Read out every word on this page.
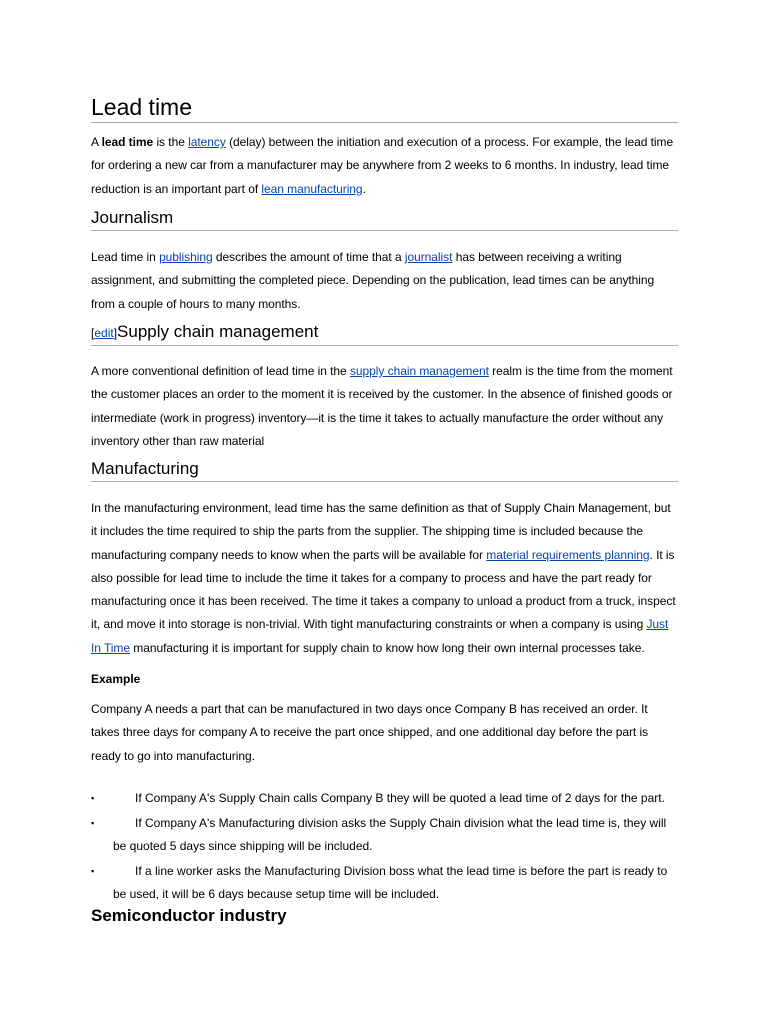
Lead time

A lead time is the latency (delay) between the initiation and execution of a process. For example, the lead time for ordering a new car from a manufacturer may be anywhere from 2 weeks to 6 months. In industry, lead time reduction is an important part of lean manufacturing.

Journalism

Lead time in publishing describes the amount of time that a journalist has between receiving a writing assignment, and submitting the completed piece. Depending on the publication, lead times can be anything from a couple of hours to many months.

[edit]Supply chain management

A more conventional definition of lead time in the supply chain management realm is the time from the moment the customer places an order to the moment it is received by the customer. In the absence of finished goods or intermediate (work in progress) inventory—it is the time it takes to actually manufacture the order without any inventory other than raw material

Manufacturing

In the manufacturing environment, lead time has the same definition as that of Supply Chain Management, but it includes the time required to ship the parts from the supplier. The shipping time is included because the manufacturing company needs to know when the parts will be available for material requirements planning. It is also possible for lead time to include the time it takes for a company to process and have the part ready for manufacturing once it has been received. The time it takes a company to unload a product from a truck, inspect it, and move it into storage is non-trivial. With tight manufacturing constraints or when a company is using Just In Time manufacturing it is important for supply chain to know how long their own internal processes take.

Example

Company A needs a part that can be manufactured in two days once Company B has received an order. It takes three days for company A to receive the part once shipped, and one additional day before the part is ready to go into manufacturing.

▪	If Company A's Supply Chain calls Company B they will be quoted a lead time of 2 days for the part.
▪	If Company A's Manufacturing division asks the Supply Chain division what the lead time is, they will be quoted 5 days since shipping will be included.
▪	If a line worker asks the Manufacturing Division boss what the lead time is before the part is ready to be used, it will be 6 days because setup time will be included.
Semiconductor industry
